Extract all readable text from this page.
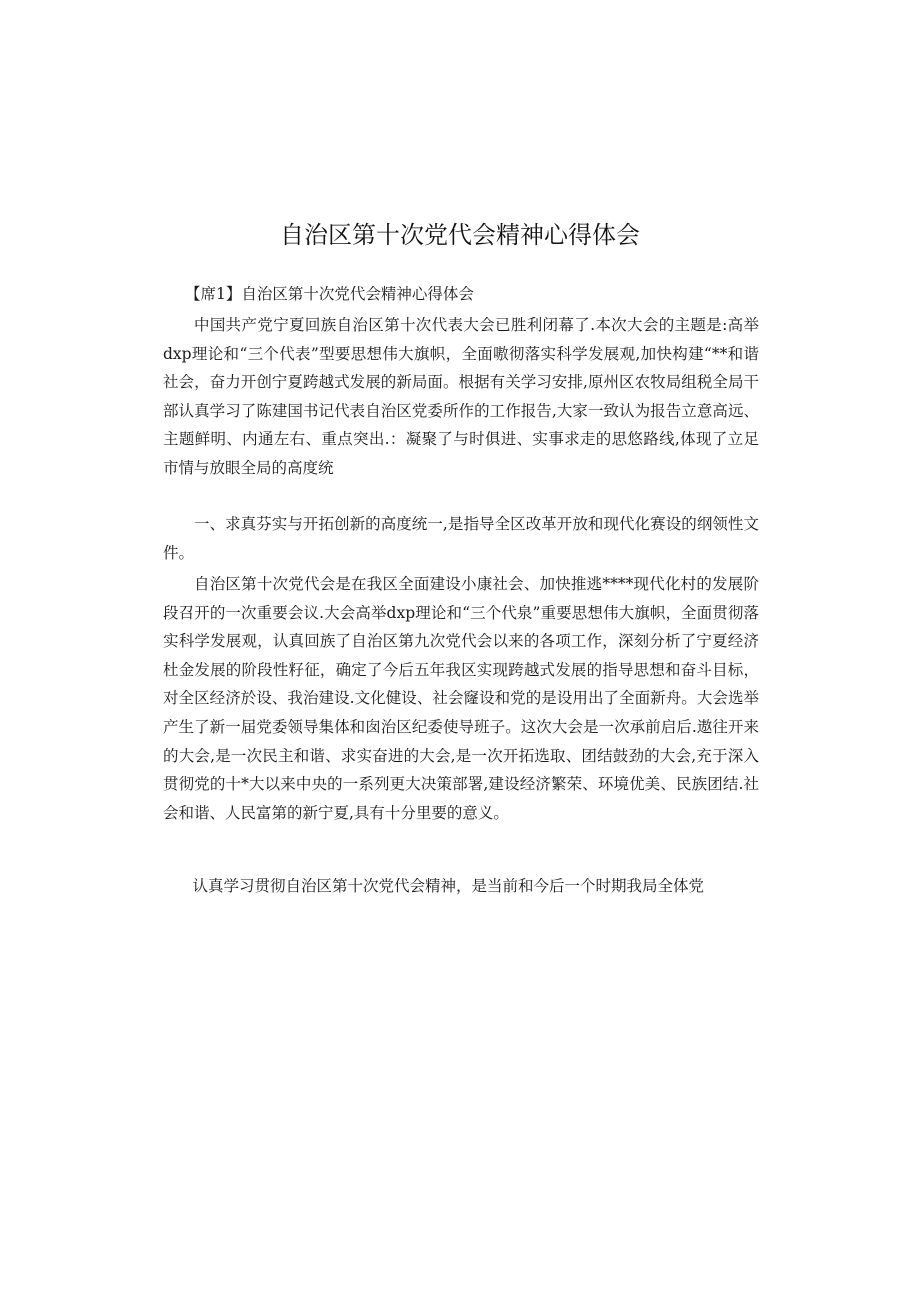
自治区第十次党代会精神心得体会
【席1】自治区第十次党代会精神心得体会

中国共产党宁夏回族自治区第十次代表大会已胜利闭幕了.本次大会的主题是:高举dxp理论和“三个代表”型要思想伟大旗帜，全面嗷彻落实科学发展观,加快构建“**和谐社会，奋力开创宁夏跨越式发展的新局面。根据有关学习安排,原州区农牧局组税全局干部认真学习了陈建国书记代表自治区党委所作的工作报告,大家一致认为报告立意高远、主题鲜明、内通左右、重点突出.：凝聚了与时俱进、实事求走的思悠路线,体现了立足市情与放眼全局的高度统

一、求真芬实与开拓创新的高度统一,是指导全区改革开放和现代化赛设的纲领性文件。

自治区第十次党代会是在我区全面建设小康社会、加快推逃****现代化村的发展阶段召开的一次重要会议.大会高举dxp理论和“三个代泉”重要思想伟大旗帜，全面贯彻落实科学发展观，认真回族了自治区第九次党代会以来的各项工作，深刻分析了宁夏经济杜金发展的阶段性籽征，确定了今后五年我区实现跨越式发展的指导思想和奋斗目标，对全区经济於设、我治建设.文化健设、社会窿设和党的是设用出了全面新舟。大会选举产生了新一届党委领导集体和囱治区纪委使导班子。这次大会是一次承前启后.遨往开来的大会,是一次民主和谐、求实奋进的大会,是一次开拓选取、团结鼓劲的大会,充于深入贯彻党的十*大以来中央的一系列更大决策部署,建设经济繁荣、环境优美、民族团结.社会和谐、人民富第的新宁夏,具有十分里要的意义。

认真学习贯彻自治区第十次党代会精神，是当前和今后一个时期我局全体党
